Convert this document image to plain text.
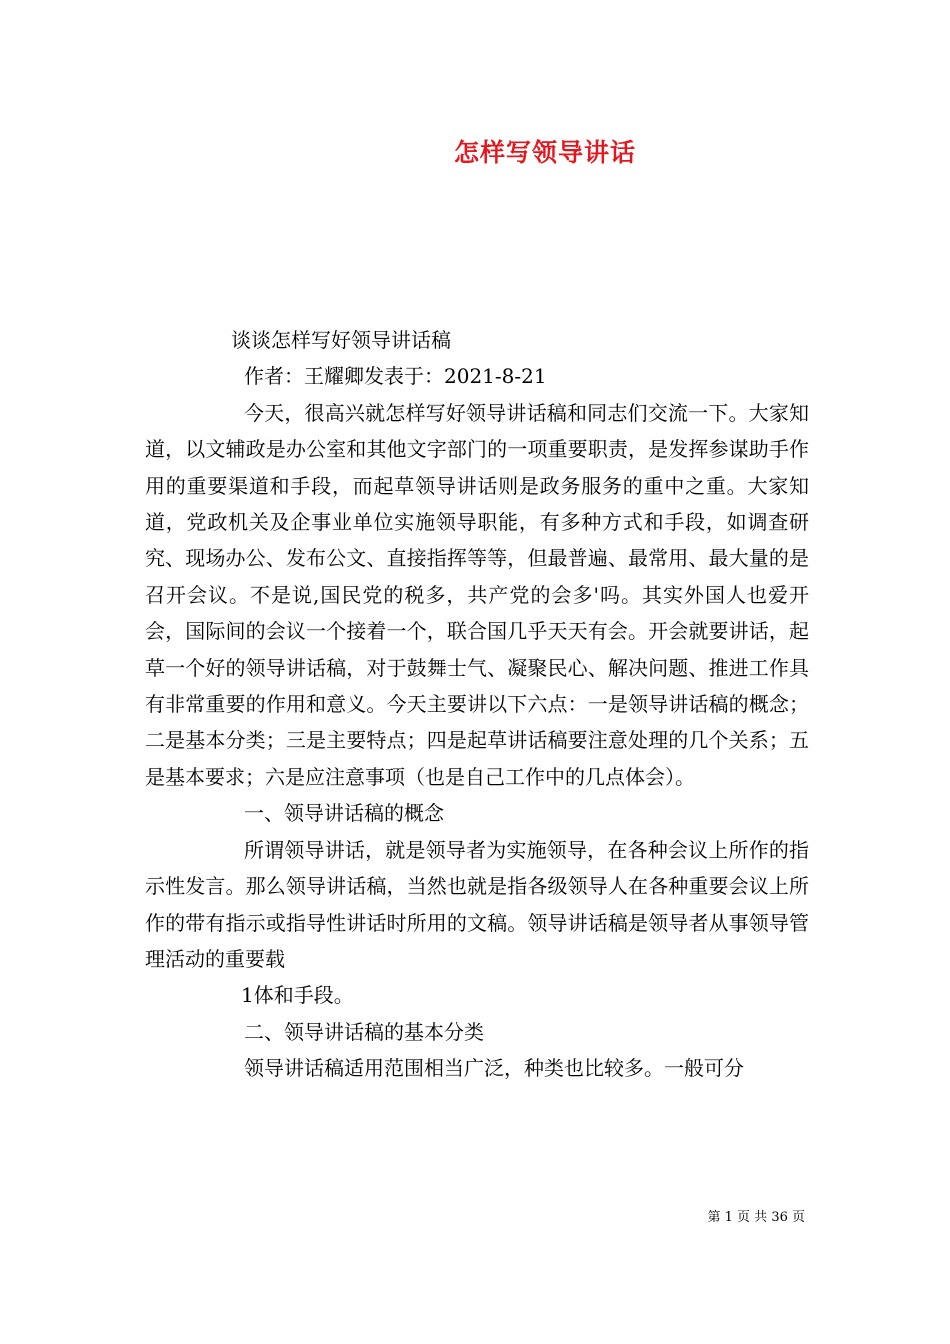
怎样写领导讲话

谈谈怎样写好领导讲话稿

作者：王耀卿发表于：2021-8-21

今天，很高兴就怎样写好领导讲话稿和同志们交流一下。大家知道，以文辅政是办公室和其他文字部门的一项重要职责，是发挥参谋助手作用的重要渠道和手段，而起草领导讲话则是政务服务的重中之重。大家知道，党政机关及企事业单位实施领导职能，有多种方式和手段，如调查研究、现场办公、发布公文、直接指挥等等，但最普遍、最常用、最大量的是召开会议。不是说,国民党的税多，共产党的会多'吗。其实外国人也爱开会，国际间的会议一个接着一个，联合国几乎天天有会。开会就要讲话，起草一个好的领导讲话稿，对于鼓舞士气、凝聚民心、解决问题、推进工作具有非常重要的作用和意义。今天主要讲以下六点：一是领导讲话稿的概念；二是基本分类；三是主要特点；四是起草讲话稿要注意处理的几个关系；五是基本要求；六是应注意事项（也是自己工作中的几点体会）。

一、领导讲话稿的概念

所谓领导讲话，就是领导者为实施领导，在各种会议上所作的指示性发言。那么领导讲话稿，当然也就是指各级领导人在各种重要会议上所作的带有指示或指导性讲话时所用的文稿。领导讲话稿是领导者从事领导管理活动的重要载

1体和手段。

二、领导讲话稿的基本分类

领导讲话稿适用范围相当广泛，种类也比较多。一般可分

第 1 页 共 36 页
